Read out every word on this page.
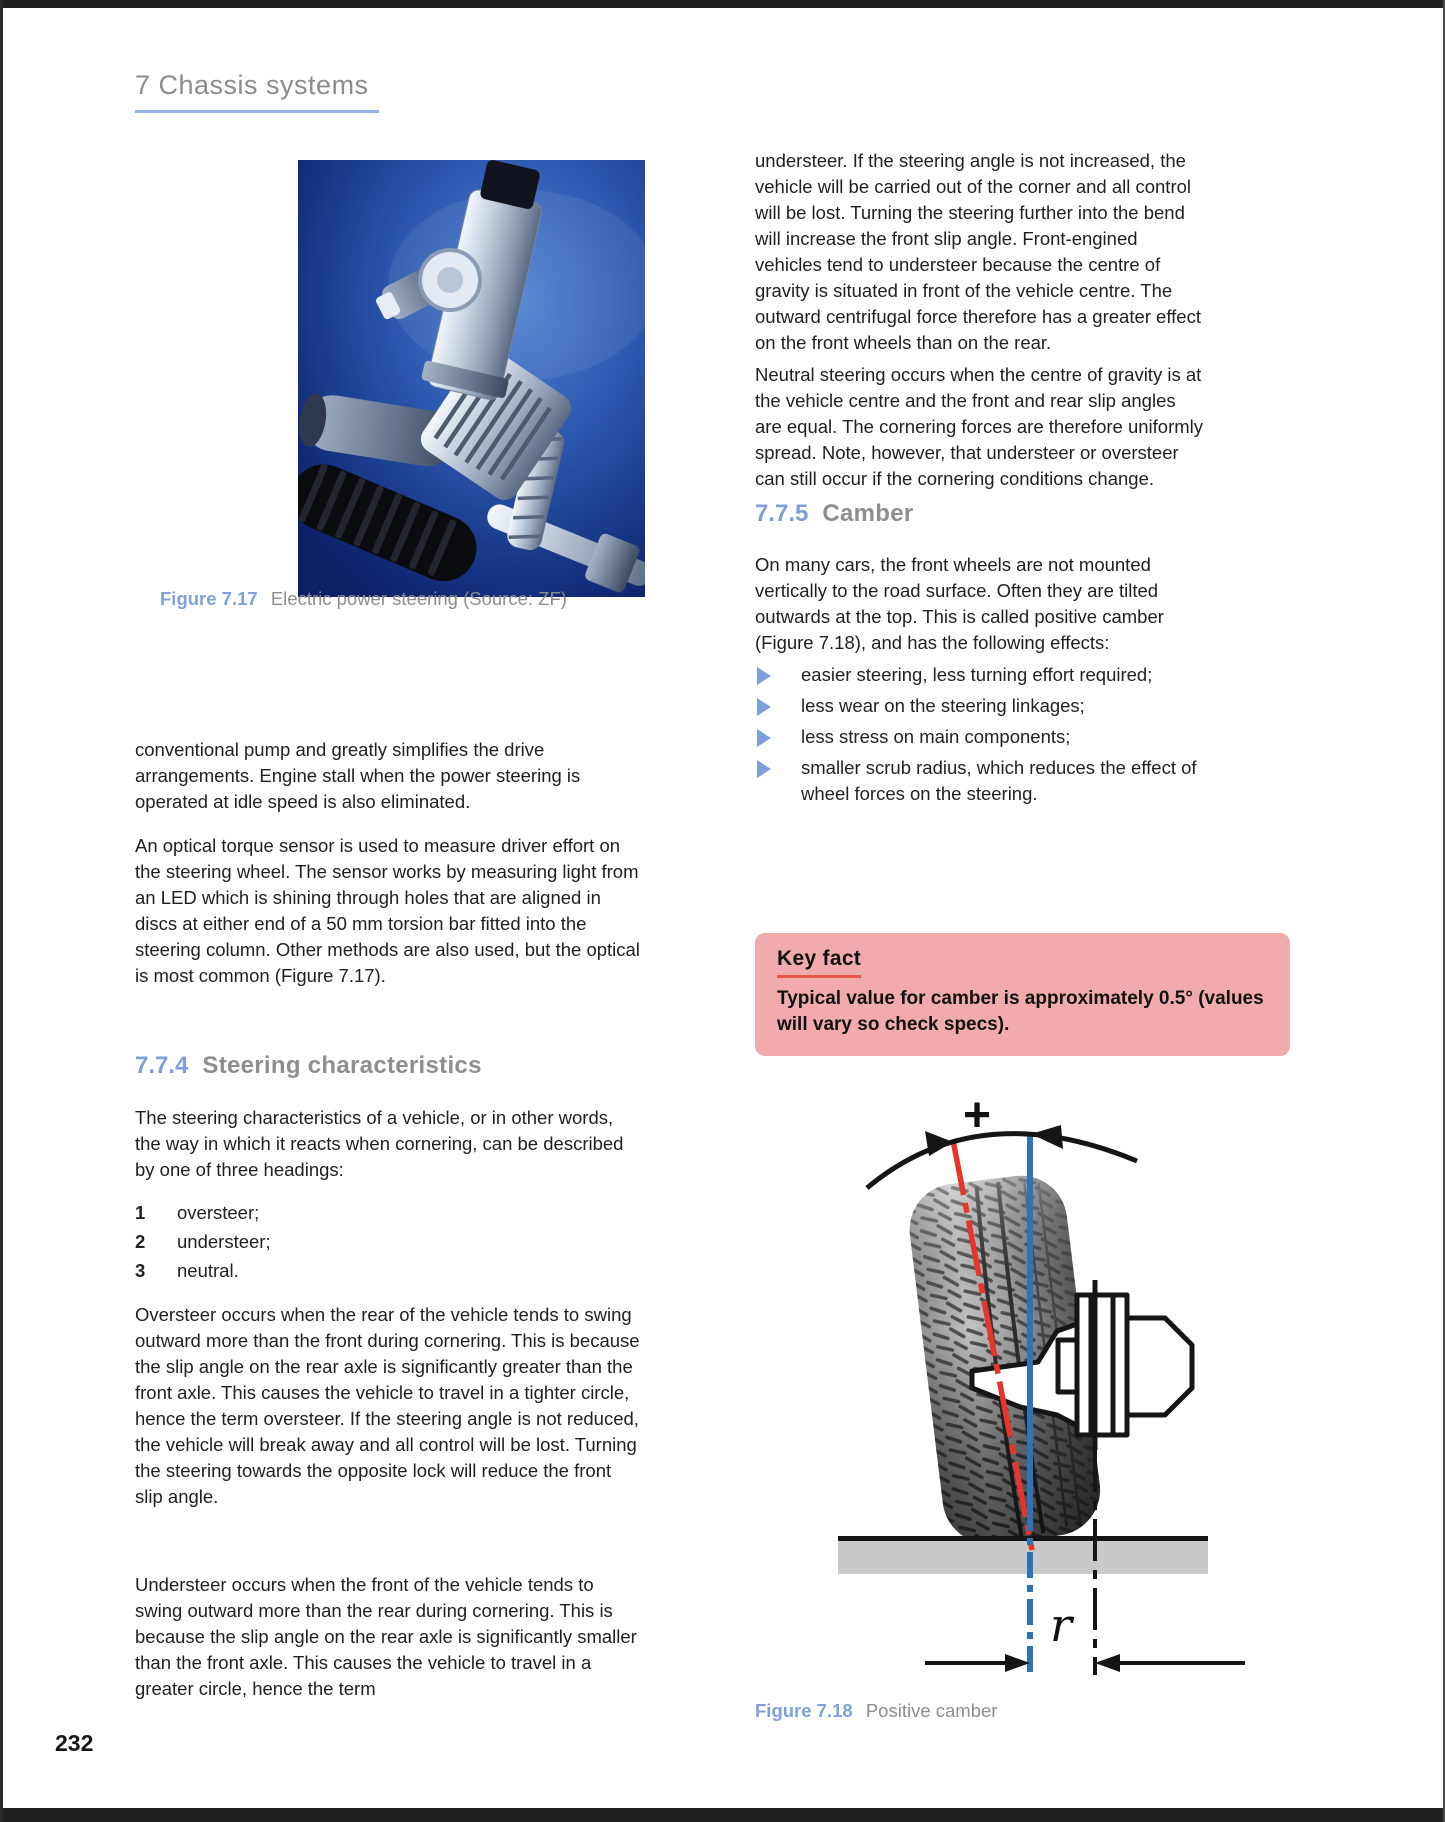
7 Chassis systems
Figure 7.17 Electric power steering (Source: ZF)
conventional pump and greatly simplifies the drive arrangements. Engine stall when the power steering is operated at idle speed is also eliminated.
An optical torque sensor is used to measure driver effort on the steering wheel. The sensor works by measuring light from an LED which is shining through holes that are aligned in discs at either end of a 50 mm torsion bar fitted into the steering column. Other methods are also used, but the optical is most common (Figure 7.17).
7.7.4 Steering characteristics
The steering characteristics of a vehicle, or in other words, the way in which it reacts when cornering, can be described by one of three headings:
1	oversteer;
2	understeer;
3	neutral.
Oversteer occurs when the rear of the vehicle tends to swing outward more than the front during cornering. This is because the slip angle on the rear axle is significantly greater than the front axle. This causes the vehicle to travel in a tighter circle, hence the term oversteer. If the steering angle is not reduced, the vehicle will break away and all control will be lost. Turning the steering towards the opposite lock will reduce the front slip angle.
Understeer occurs when the front of the vehicle tends to swing outward more than the rear during cornering. This is because the slip angle on the rear axle is significantly smaller than the front axle. This causes the vehicle to travel in a greater circle, hence the term
understeer. If the steering angle is not increased, the vehicle will be carried out of the corner and all control will be lost. Turning the steering further into the bend will increase the front slip angle. Front-engined vehicles tend to understeer because the centre of gravity is situated in front of the vehicle centre. The outward centrifugal force therefore has a greater effect on the front wheels than on the rear.
Neutral steering occurs when the centre of gravity is at the vehicle centre and the front and rear slip angles are equal. The cornering forces are therefore uniformly spread. Note, however, that understeer or oversteer can still occur if the cornering conditions change.
7.7.5 Camber
On many cars, the front wheels are not mounted vertically to the road surface. Often they are tilted outwards at the top. This is called positive camber (Figure 7.18), and has the following effects:
easier steering, less turning effort required;
less wear on the steering linkages;
less stress on main components;
smaller scrub radius, which reduces the effect of wheel forces on the steering.
Key fact
Typical value for camber is approximately 0.5° (values will vary so check specs).
+
r
Figure 7.18 Positive camber
232
